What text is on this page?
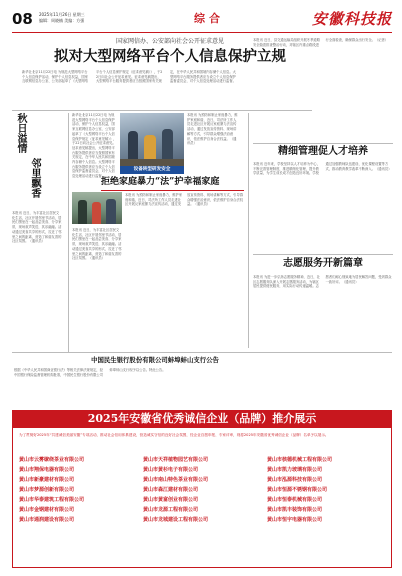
08 2025年11月26日 星期三
编辑：周晓楠 美编：方强	综合	安徽科技报
国家网信办、公安部向社会公开征求意见
拟对大型网络平台个人信息保护立规
新华社北京11月22日电 为规范大型网络平台个人信息保护活动，保护个人信息权益，国家互联网信息办公室、公安部起草了《大型网络平台个人信息保护规定（征求意见稿）》，于22日向社会公开征求意见。征求意见稿提出，大型网络平台服务提供者应当按照国家有关规定，在中华人民共和国境内存储个人信息。大型网络平台服务提供者应当设立个人信息保护监督委员会，对个人信息处理活动进行监督。
秋日溢情
邻里飘香
本报讯 近日，为丰富社区居民文化生活，社区开展邻里节活动，居民们围坐在一起品尝美食、分享家常，现场欢声笑语，其乐融融。活动通过美食共享的形式，拉近了邻里之间的距离，营造了和谐友善的社区氛围。（通讯员）
新华社北京11月22日电 为规范大型网络平台个人信息保护活动，保护个人信息权益，国家互联网信息办公室、公安部起草了《大型网络平台个人信息保护规定（征求意见稿）》，于22日向社会公开征求意见。征求意见稿提出，大型网络平台服务提供者应当按照国家有关规定，在中华人民共和国境内存储个人信息。大型网络平台服务提供者应当设立个人信息保护监督委员会，对个人信息处理活动进行监督。
设备转型研发安全
本报讯 为预防和制止家庭暴力，维护家庭和谐，近日，司法所工作人员走进社区开展反家庭暴力法宣传活动，通过发放宣传资料、现场讲解等方式，引导群众增强法治意识，依法维护自身合法权益。（通讯员）
拒绝家庭暴力“法”护幸福家庭
本报讯 为预防和制止家庭暴力，维护家庭和谐，近日，司法所工作人员走进社区开展反家庭暴力法宣传活动，通过发放宣传资料、现场讲解等方式，引导群众增强法治意识，依法维护自身合法权益。（通讯员）
本报讯 近日，为丰富社区居民文化生活，社区开展邻里节活动，居民们围坐在一起品尝美食、分享家常，现场欢声笑语，其乐融融。活动通过美食共享的形式，拉近了邻里之间的距离，营造了和谐友善的社区氛围。（通讯员）
本报讯 近日，县交通运输局组织开展冬季道路安全隐患排查整治行动，对辖区内重点路段进行全面检查，确保群众出行安全。（记者）
精细管理促人才培养
本报讯 近年来，学校坚持以人才培养为中心，不断完善管理制度，推进精细化管理，提升教学质量，为学生成长成才创造良好环境。学校通过加强教师队伍建设、优化课程设置等方式，推动教育教学改革不断深入。（通讯员）
志愿服务开新篇章
本报讯 为进一步弘扬志愿服务精神，近日，社区志愿服务队深入开展志愿服务活动，为辖区居民提供便民服务，用实际行动传递温暖。志愿者们耐心细致地为居民解答问题，受到群众一致好评。（通讯员）
中国民生银行股份有限公司蚌埠蚌山支行公告
根据《中华人民共和国商业银行法》等相关法律法规规定，经中国银行保险监督管理机构批准，中国民生银行股份有限公司蚌埠蚌山支行现予以公告。特此公告。
2025年安徽省优秀诚信企业（品牌）推介展示
为了贯彻好2025年“共建诚信美丽安徽”专项活动，推动社会信用体系建设，营造诚实守信的良好社会氛围，经企业自愿申报、专家评审，现将2025年安徽省优秀诚信企业（品牌）名单予以展示。
黄山市云雾缭绕茶业有限公司	黄山市天祥植物园艺有限公司	黄山市核德机械工程有限公司
黄山市翔保电器有限公司	黄山市黄杉电子有限公司	黄山市凯力玻璃有限公司
黄山市新豪建材有限公司	黄山市南山特色茶业有限公司	黄山市泓源科技有限公司
黄山市梦源创新有限公司	黄山市森江建材有限公司	黄山市恒源不锈钢有限公司
黄山市华泰建筑工程有限公司	黄山市黄富创业有限公司	黄山市恒泰机械有限公司
黄山市金钢建材有限公司	黄山市龙源工程有限公司	黄山市凯丰装饰有限公司
黄山市通润建设有限公司	黄山市龙城建设工程有限公司	黄山市恒宇电器有限公司
